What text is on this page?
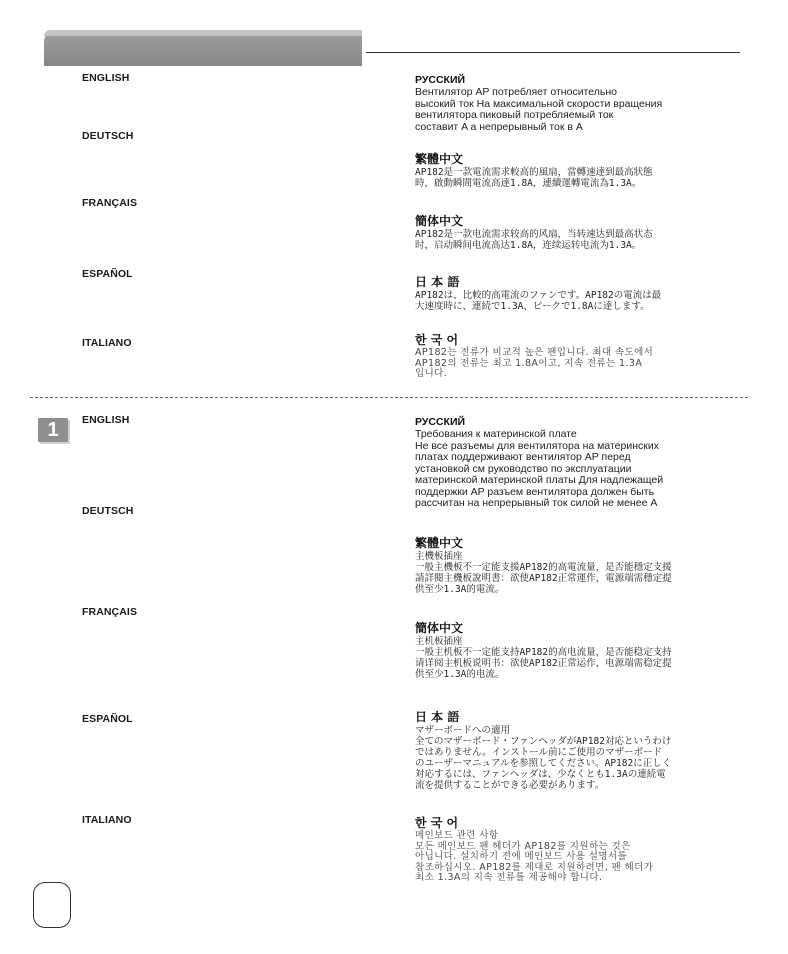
ENGLISH
DEUTSCH
FRANÇAIS
ESPAÑOL
ITALIANO
РУССКИЙ
Вентилятор AP потребляет относительно
высокий ток На максимальной скорости вращения
вентилятора пиковый потребляемый ток
составит A а непрерывный ток в A
繁體中文
AP182是一款電流需求較高的風扇，當轉速達到最高狀態
時，啟動瞬間電流高達1.8A，連續運轉電流為1.3A。
簡体中文
AP182是一款电流需求较高的风扇，当转速达到最高状态
时，启动瞬间电流高达1.8A，连续运转电流为1.3A。
日 本 語
AP182は、比較的高電流のファンです。AP182の電流は最
大速度時に、連続で1.3A、ピークで1.8Aに達します。
한 국 어
AP182는 전류가 비교적 높은 팬입니다. 최대 속도에서
AP182의 전류는 최고 1.8A이고, 지속 전류는 1.3A
입니다.
1	ENGLISH
DEUTSCH
FRANÇAIS
ESPAÑOL
ITALIANO
РУССКИЙ
Требования к материнской плате
Не все разъемы для вентилятора на материнских
платах поддерживают вентилятор AP перед
установкой см руководство по эксплуатации
материнской материнской платы Для надлежащей
поддержки AP разъем вентилятора должен быть
рассчитан на непрерывный ток силой не менее A
繁體中文
主機板插座
一般主機板不一定能支援AP182的高電流量，是否能穩定支援
請詳閱主機板說明書：欲使AP182正常運作，電源端需穩定提
供至少1.3A的電流。
簡体中文
主机板插座
一般主机板不一定能支持AP182的高电流量，是否能稳定支持
请详阅主机板说明书：欲使AP182正常运作，电源端需稳定提
供至少1.3A的电流。
日 本 語
マザーボードへの適用
全てのマザーボード・ファンヘッダがAP182対応というわけ
ではありません。インストール前にご使用のマザーボード
のユーザーマニュアルを参照してください。AP182に正しく
対応するには、ファンヘッダは、少なくとも1.3Aの連続電
流を提供することができる必要があります。
한 국 어
메인보드 관련 사항
모든 메인보드 팬 헤더가 AP182를 지원하는 것은
아닙니다. 설치하기 전에 메인보드 사용 설명서를
참조하십시오. AP182를 제대로 지원하려면, 팬 헤더가
최소 1.3A의 지속 전류를 제공해야 합니다.
